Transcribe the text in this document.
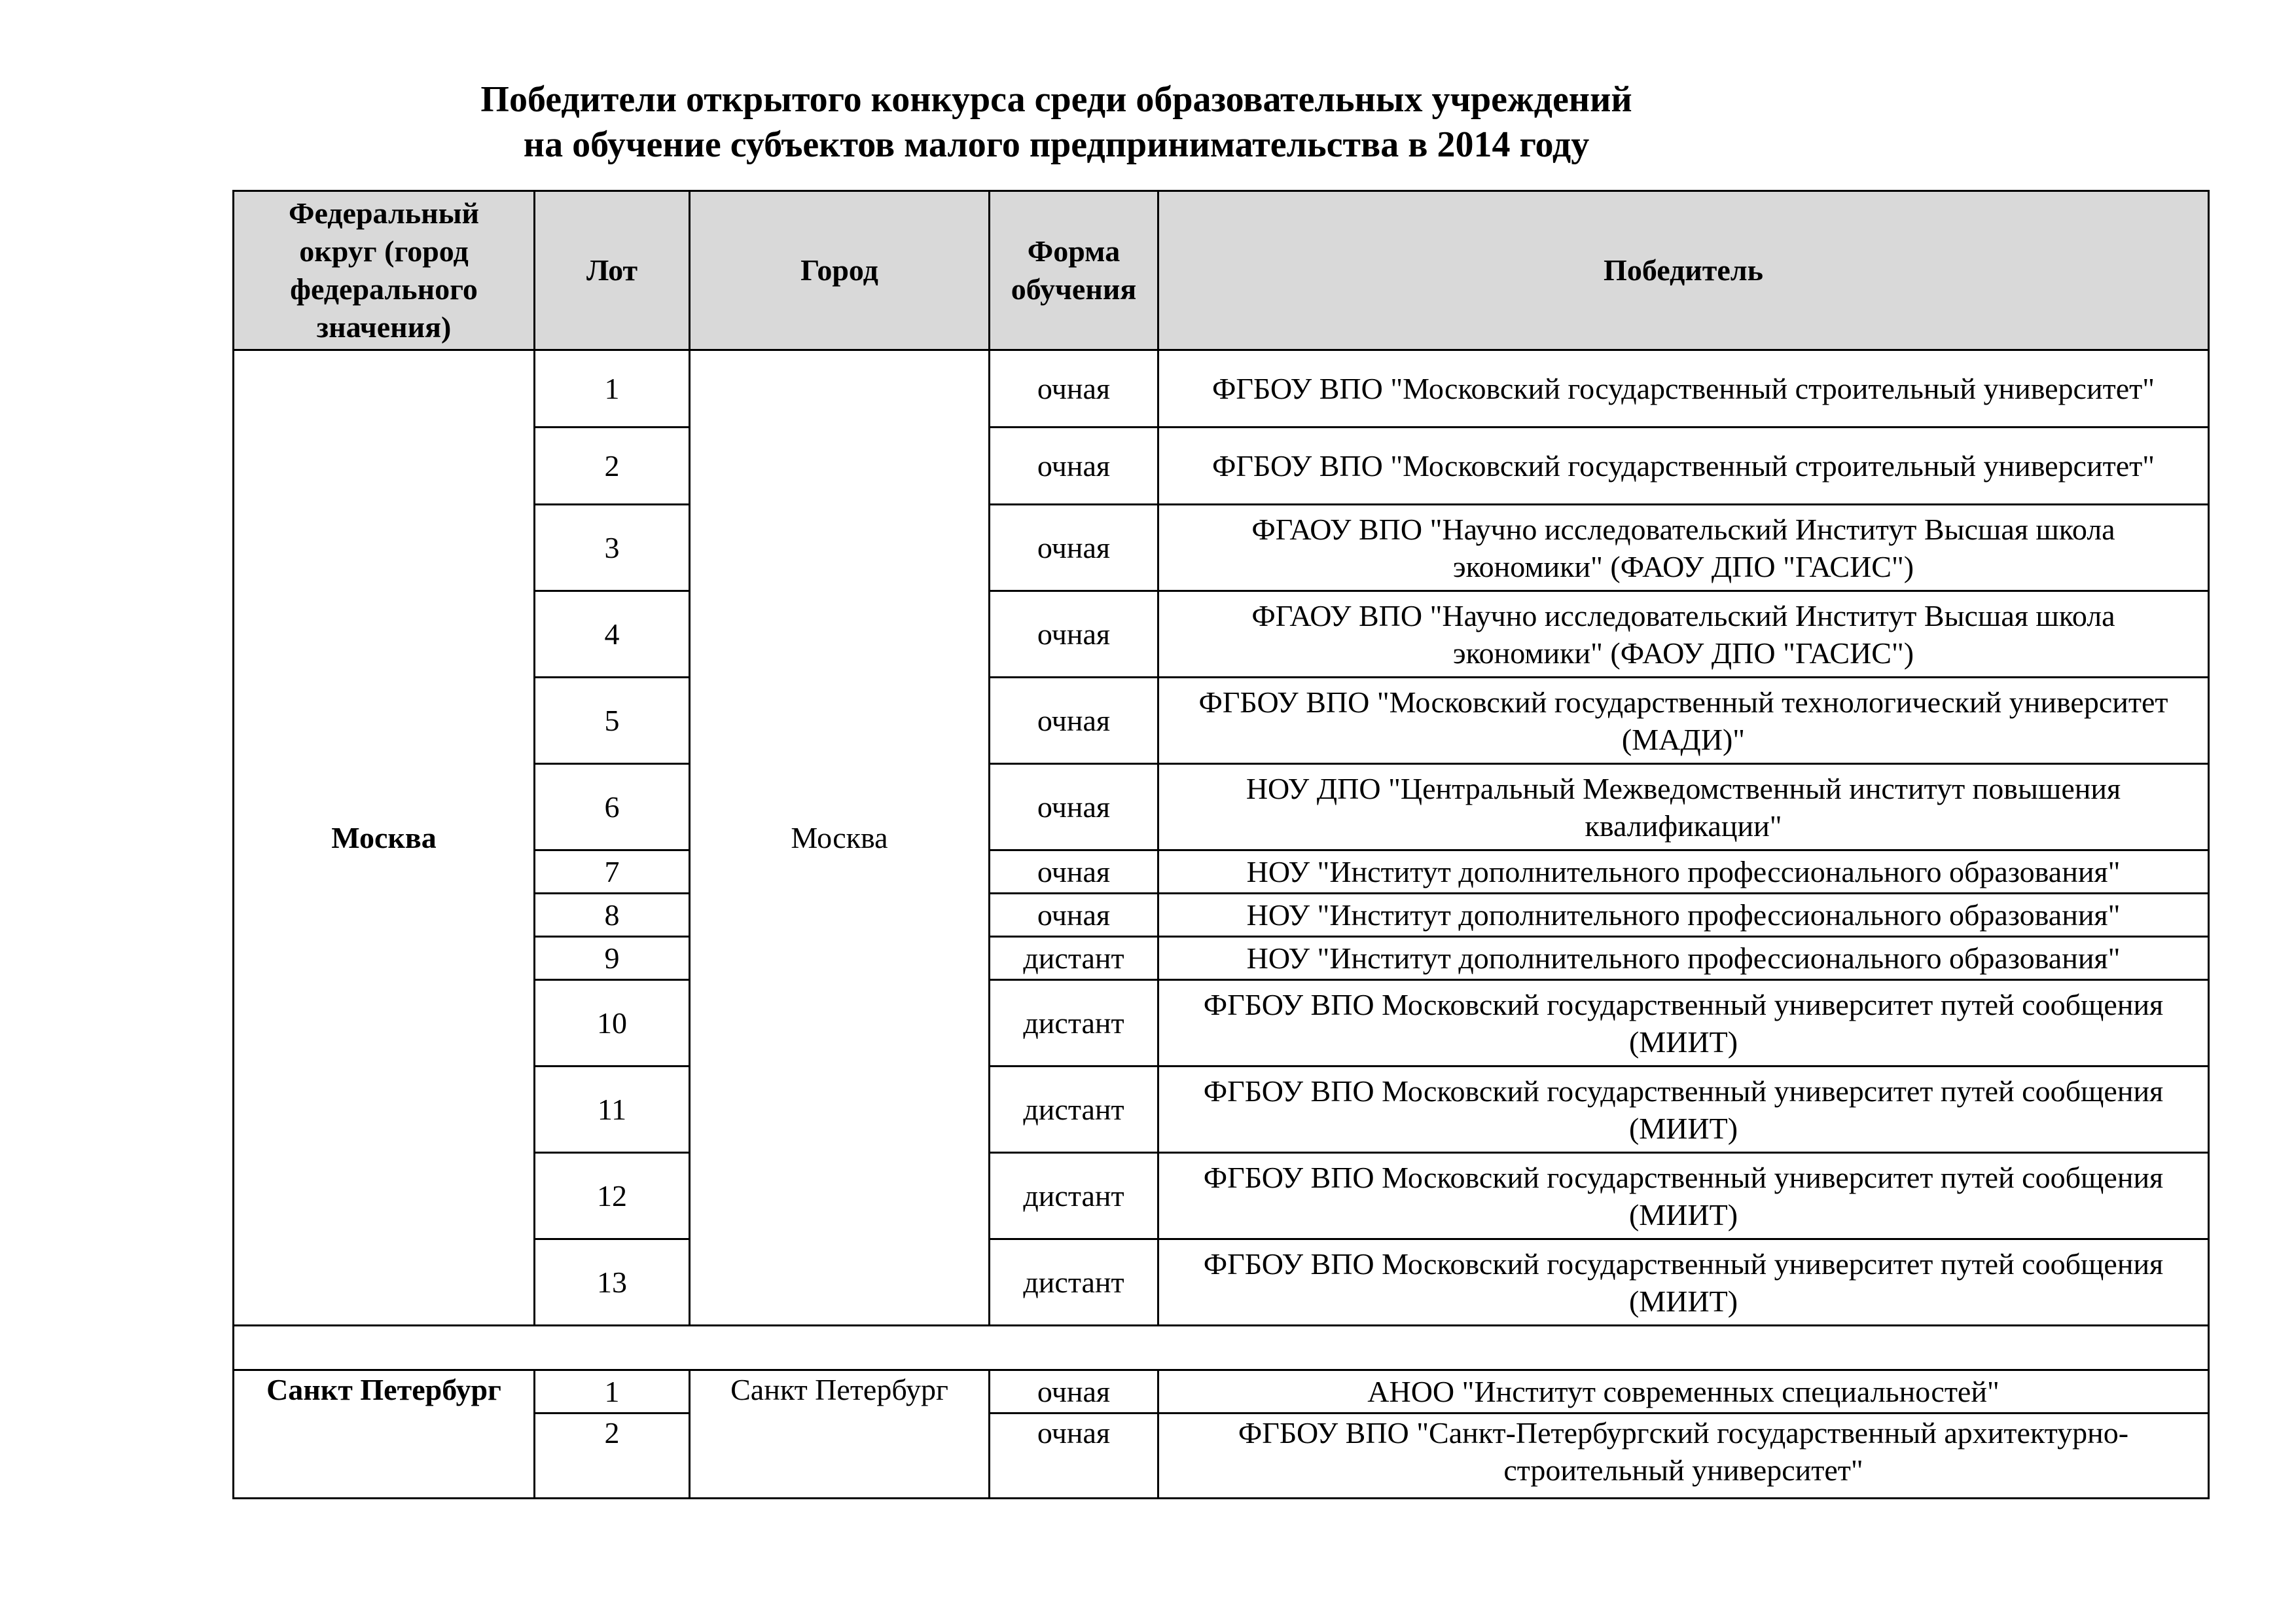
Победители открытого конкурса среди образовательных учреждений
на обучение субъектов малого предпринимательства в 2014 году
Федеральный округ (город федерального значения)	Лот	Город	Форма обучения	Победитель
Москва	1	Москва	очная	ФГБОУ ВПО "Московский государственный строительный университет"

	2		очная	ФГБОУ ВПО "Московский государственный строительный университет"

	3		очная	ФГАОУ ВПО "Научно исследовательский Институт Высшая школа экономики" (ФАОУ ДПО "ГАСИС")

	4		очная	ФГАОУ ВПО "Научно исследовательский Институт Высшая школа экономики" (ФАОУ ДПО "ГАСИС")

	5		очная	ФГБОУ ВПО "Московский государственный технологический университет (МАДИ)"

	6		очная	НОУ ДПО "Центральный Межведомственный институт повышения квалификации"

	7		очная	НОУ "Институт дополнительного профессионального образования"
	8		очная	НОУ "Институт дополнительного профессионального образования"
	9		дистант	НОУ "Институт дополнительного профессионального образования"
	10		дистант	ФГБОУ ВПО Московский государственный университет путей сообщения (МИИТ)

	11		дистант	ФГБОУ ВПО Московский государственный университет путей сообщения (МИИТ)

	12		дистант	ФГБОУ ВПО Московский государственный университет путей сообщения (МИИТ)

	13		дистант	ФГБОУ ВПО Московский государственный университет путей сообщения (МИИТ)

Санкт Петербург	1	Санкт Петербург	очная	АНОО "Институт современных специальностей"
	2		очная	ФГБОУ ВПО "Санкт-Петербургский государственный архитектурно-строительный университет"
